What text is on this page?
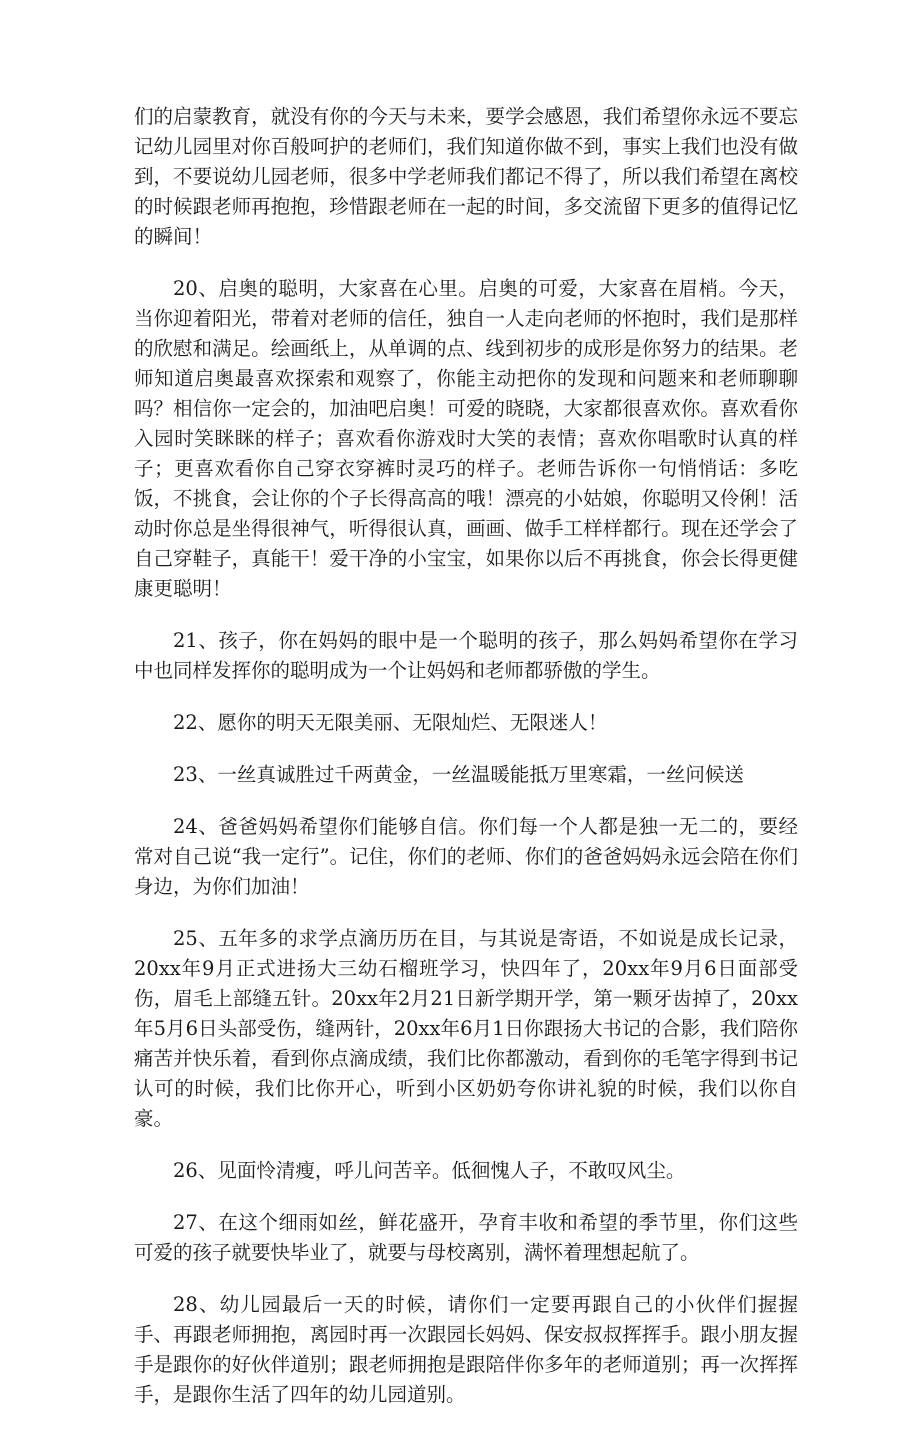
们的启蒙教育，就没有你的今天与未来，要学会感恩，我们希望你永远不要忘记幼儿园里对你百般呵护的老师们，我们知道你做不到，事实上我们也没有做到，不要说幼儿园老师，很多中学老师我们都记不得了，所以我们希望在离校的时候跟老师再抱抱，珍惜跟老师在一起的时间，多交流留下更多的值得记忆的瞬间！

20、启奥的聪明，大家喜在心里。启奥的可爱，大家喜在眉梢。今天，当你迎着阳光，带着对老师的信任，独自一人走向老师的怀抱时，我们是那样的欣慰和满足。绘画纸上，从单调的点、线到初步的成形是你努力的结果。老师知道启奥最喜欢探索和观察了，你能主动把你的发现和问题来和老师聊聊吗？相信你一定会的，加油吧启奥！可爱的晓晓，大家都很喜欢你。喜欢看你入园时笑眯眯的样子；喜欢看你游戏时大笑的表情；喜欢你唱歌时认真的样子；更喜欢看你自己穿衣穿裤时灵巧的样子。老师告诉你一句悄悄话：多吃饭，不挑食，会让你的个子长得高高的哦！漂亮的小姑娘，你聪明又伶俐！活动时你总是坐得很神气，听得很认真，画画、做手工样样都行。现在还学会了自己穿鞋子，真能干！爱干净的小宝宝，如果你以后不再挑食，你会长得更健康更聪明！

21、孩子，你在妈妈的眼中是一个聪明的孩子，那么妈妈希望你在学习中也同样发挥你的聪明成为一个让妈妈和老师都骄傲的学生。

22、愿你的明天无限美丽、无限灿烂、无限迷人！

23、一丝真诚胜过千两黄金，一丝温暖能抵万里寒霜，一丝问候送

24、爸爸妈妈希望你们能够自信。你们每一个人都是独一无二的，要经常对自己说“我一定行”。记住，你们的老师、你们的爸爸妈妈永远会陪在你们身边，为你们加油！

25、五年多的求学点滴历历在目，与其说是寄语，不如说是成长记录，20xx年9月正式进扬大三幼石榴班学习，快四年了，20xx年9月6日面部受伤，眉毛上部缝五针。20xx年2月21日新学期开学，第一颗牙齿掉了，20xx年5月6日头部受伤，缝两针，20xx年6月1日你跟扬大书记的合影，我们陪你痛苦并快乐着，看到你点滴成绩，我们比你都激动，看到你的毛笔字得到书记认可的时候，我们比你开心，听到小区奶奶夸你讲礼貌的时候，我们以你自豪。

26、见面怜清瘦，呼儿问苦辛。低徊愧人子，不敢叹风尘。

27、在这个细雨如丝，鲜花盛开，孕育丰收和希望的季节里，你们这些可爱的孩子就要快毕业了，就要与母校离别，满怀着理想起航了。

28、幼儿园最后一天的时候，请你们一定要再跟自己的小伙伴们握握手、再跟老师拥抱，离园时再一次跟园长妈妈、保安叔叔挥挥手。跟小朋友握手是跟你的好伙伴道别；跟老师拥抱是跟陪伴你多年的老师道别；再一次挥挥手，是跟你生活了四年的幼儿园道别。
